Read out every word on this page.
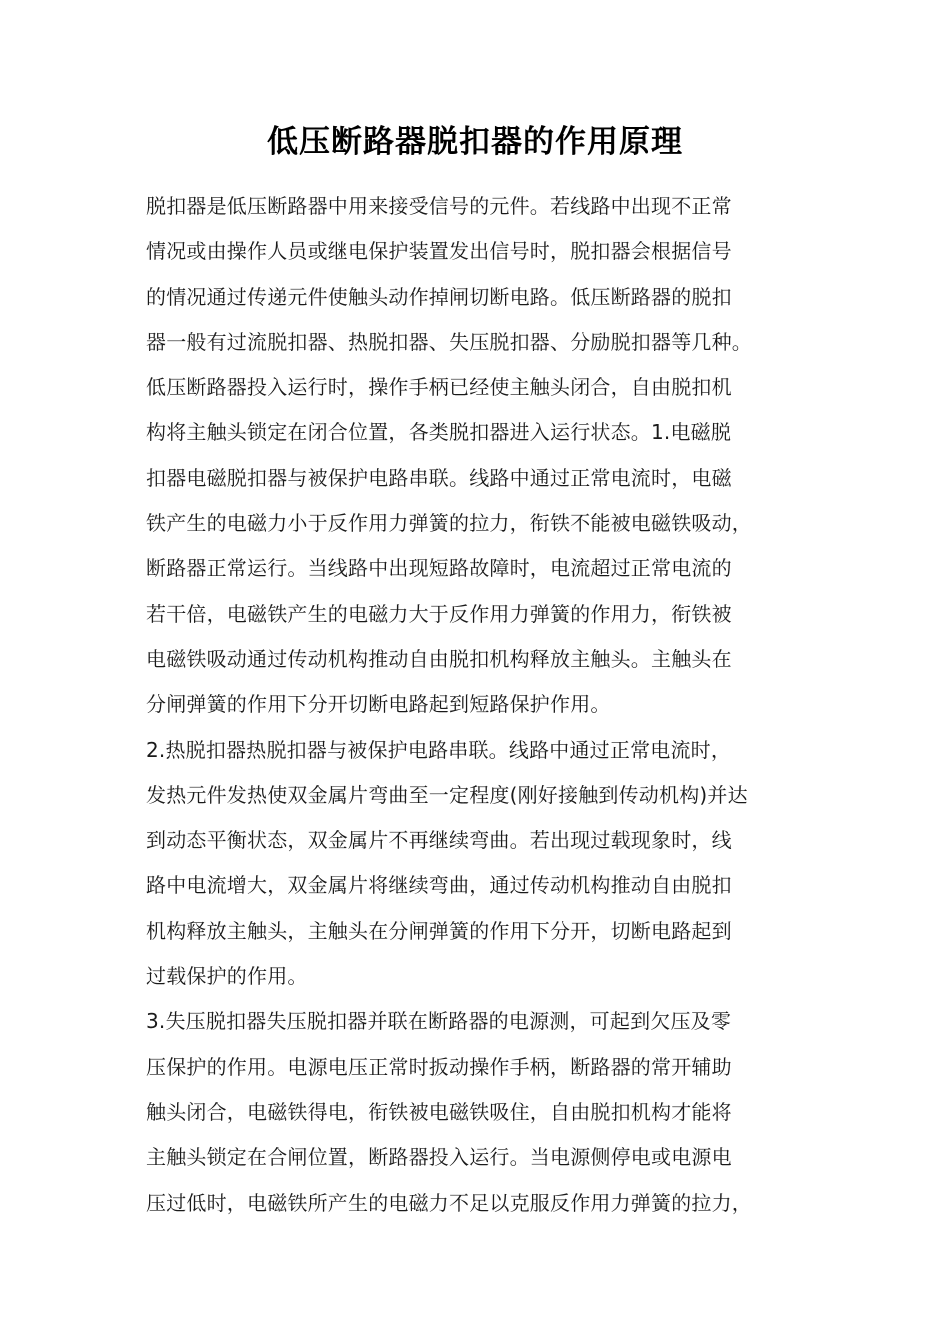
低压断路器脱扣器的作用原理
脱扣器是低压断路器中用来接受信号的元件。若线路中出现不正常
情况或由操作人员或继电保护装置发出信号时，脱扣器会根据信号
的情况通过传递元件使触头动作掉闸切断电路。低压断路器的脱扣
器一般有过流脱扣器、热脱扣器、失压脱扣器、分励脱扣器等几种。
低压断路器投入运行时，操作手柄已经使主触头闭合，自由脱扣机
构将主触头锁定在闭合位置，各类脱扣器进入运行状态。1.电磁脱
扣器电磁脱扣器与被保护电路串联。线路中通过正常电流时，电磁
铁产生的电磁力小于反作用力弹簧的拉力，衔铁不能被电磁铁吸动，
断路器正常运行。当线路中出现短路故障时，电流超过正常电流的
若干倍，电磁铁产生的电磁力大于反作用力弹簧的作用力，衔铁被
电磁铁吸动通过传动机构推动自由脱扣机构释放主触头。主触头在
分闸弹簧的作用下分开切断电路起到短路保护作用。
2.热脱扣器热脱扣器与被保护电路串联。线路中通过正常电流时，
发热元件发热使双金属片弯曲至一定程度(刚好接触到传动机构)并达
到动态平衡状态，双金属片不再继续弯曲。若出现过载现象时，线
路中电流增大，双金属片将继续弯曲，通过传动机构推动自由脱扣
机构释放主触头，主触头在分闸弹簧的作用下分开，切断电路起到
过载保护的作用。
3.失压脱扣器失压脱扣器并联在断路器的电源测，可起到欠压及零
压保护的作用。电源电压正常时扳动操作手柄，断路器的常开辅助
触头闭合，电磁铁得电，衔铁被电磁铁吸住，自由脱扣机构才能将
主触头锁定在合闸位置，断路器投入运行。当电源侧停电或电源电
压过低时，电磁铁所产生的电磁力不足以克服反作用力弹簧的拉力，
